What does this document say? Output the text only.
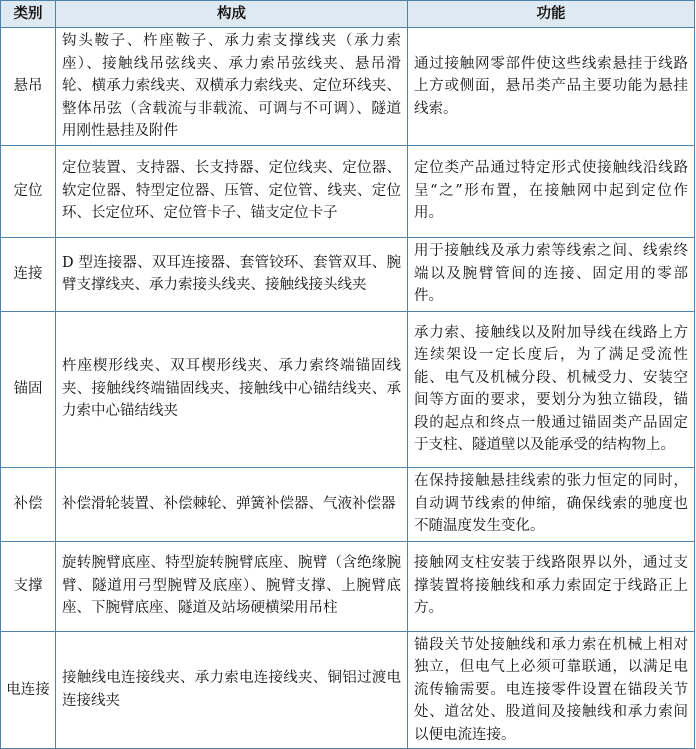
类别	构成	功能
悬吊	钩头鞍子、杵座鞍子、承力索支撑线夹（承力索座）、接触线吊弦线夹、承力索吊弦线夹、悬吊滑轮、横承力索线夹、双横承力索线夹、定位环线夹、整体吊弦（含载流与非载流、可调与不可调）、隧道用刚性悬挂及附件	通过接触网零部件使这些线索悬挂于线路上方或侧面，悬吊类产品主要功能为悬挂线索。
定位	定位装置、支持器、长支持器、定位线夹、定位器、软定位器、特型定位器、压管、定位管、线夹、定位环、长定位环、定位管卡子、锚支定位卡子	定位类产品通过特定形式使接触线沿线路呈“之”形布置，在接触网中起到定位作用。
连接	D 型连接器、双耳连接器、套管铰环、套管双耳、腕臂支撑线夹、承力索接头线夹、接触线接头线夹	用于接触线及承力索等线索之间、线索终端以及腕臂管间的连接、固定用的零部件。
锚固	杵座楔形线夹、双耳楔形线夹、承力索终端锚固线夹、接触线终端锚固线夹、接触线中心锚结线夹、承力索中心锚结线夹	承力索、接触线以及附加导线在线路上方连续架设一定长度后，为了满足受流性能、电气及机械分段、机械受力、安装空间等方面的要求，要划分为独立锚段，锚段的起点和终点一般通过锚固类产品固定于支柱、隧道壁以及能承受的结构物上。
补偿	补偿滑轮装置、补偿棘轮、弹簧补偿器、气液补偿器	在保持接触悬挂线索的张力恒定的同时，自动调节线索的伸缩，确保线索的驰度也不随温度发生变化。
支撑	旋转腕臂底座、特型旋转腕臂底座、腕臂（含绝缘腕臂、隧道用弓型腕臂及底座）、腕臂支撑、上腕臂底座、下腕臂底座、隧道及站场硬横梁用吊柱	接触网支柱安装于线路限界以外，通过支撑装置将接触线和承力索固定于线路正上方。
电连接	接触线电连接线夹、承力索电连接线夹、铜铝过渡电连接线夹	锚段关节处接触线和承力索在机械上相对独立，但电气上必须可靠联通，以满足电流传输需要。电连接零件设置在锚段关节处、道岔处、股道间及接触线和承力索间以便电流连接。
